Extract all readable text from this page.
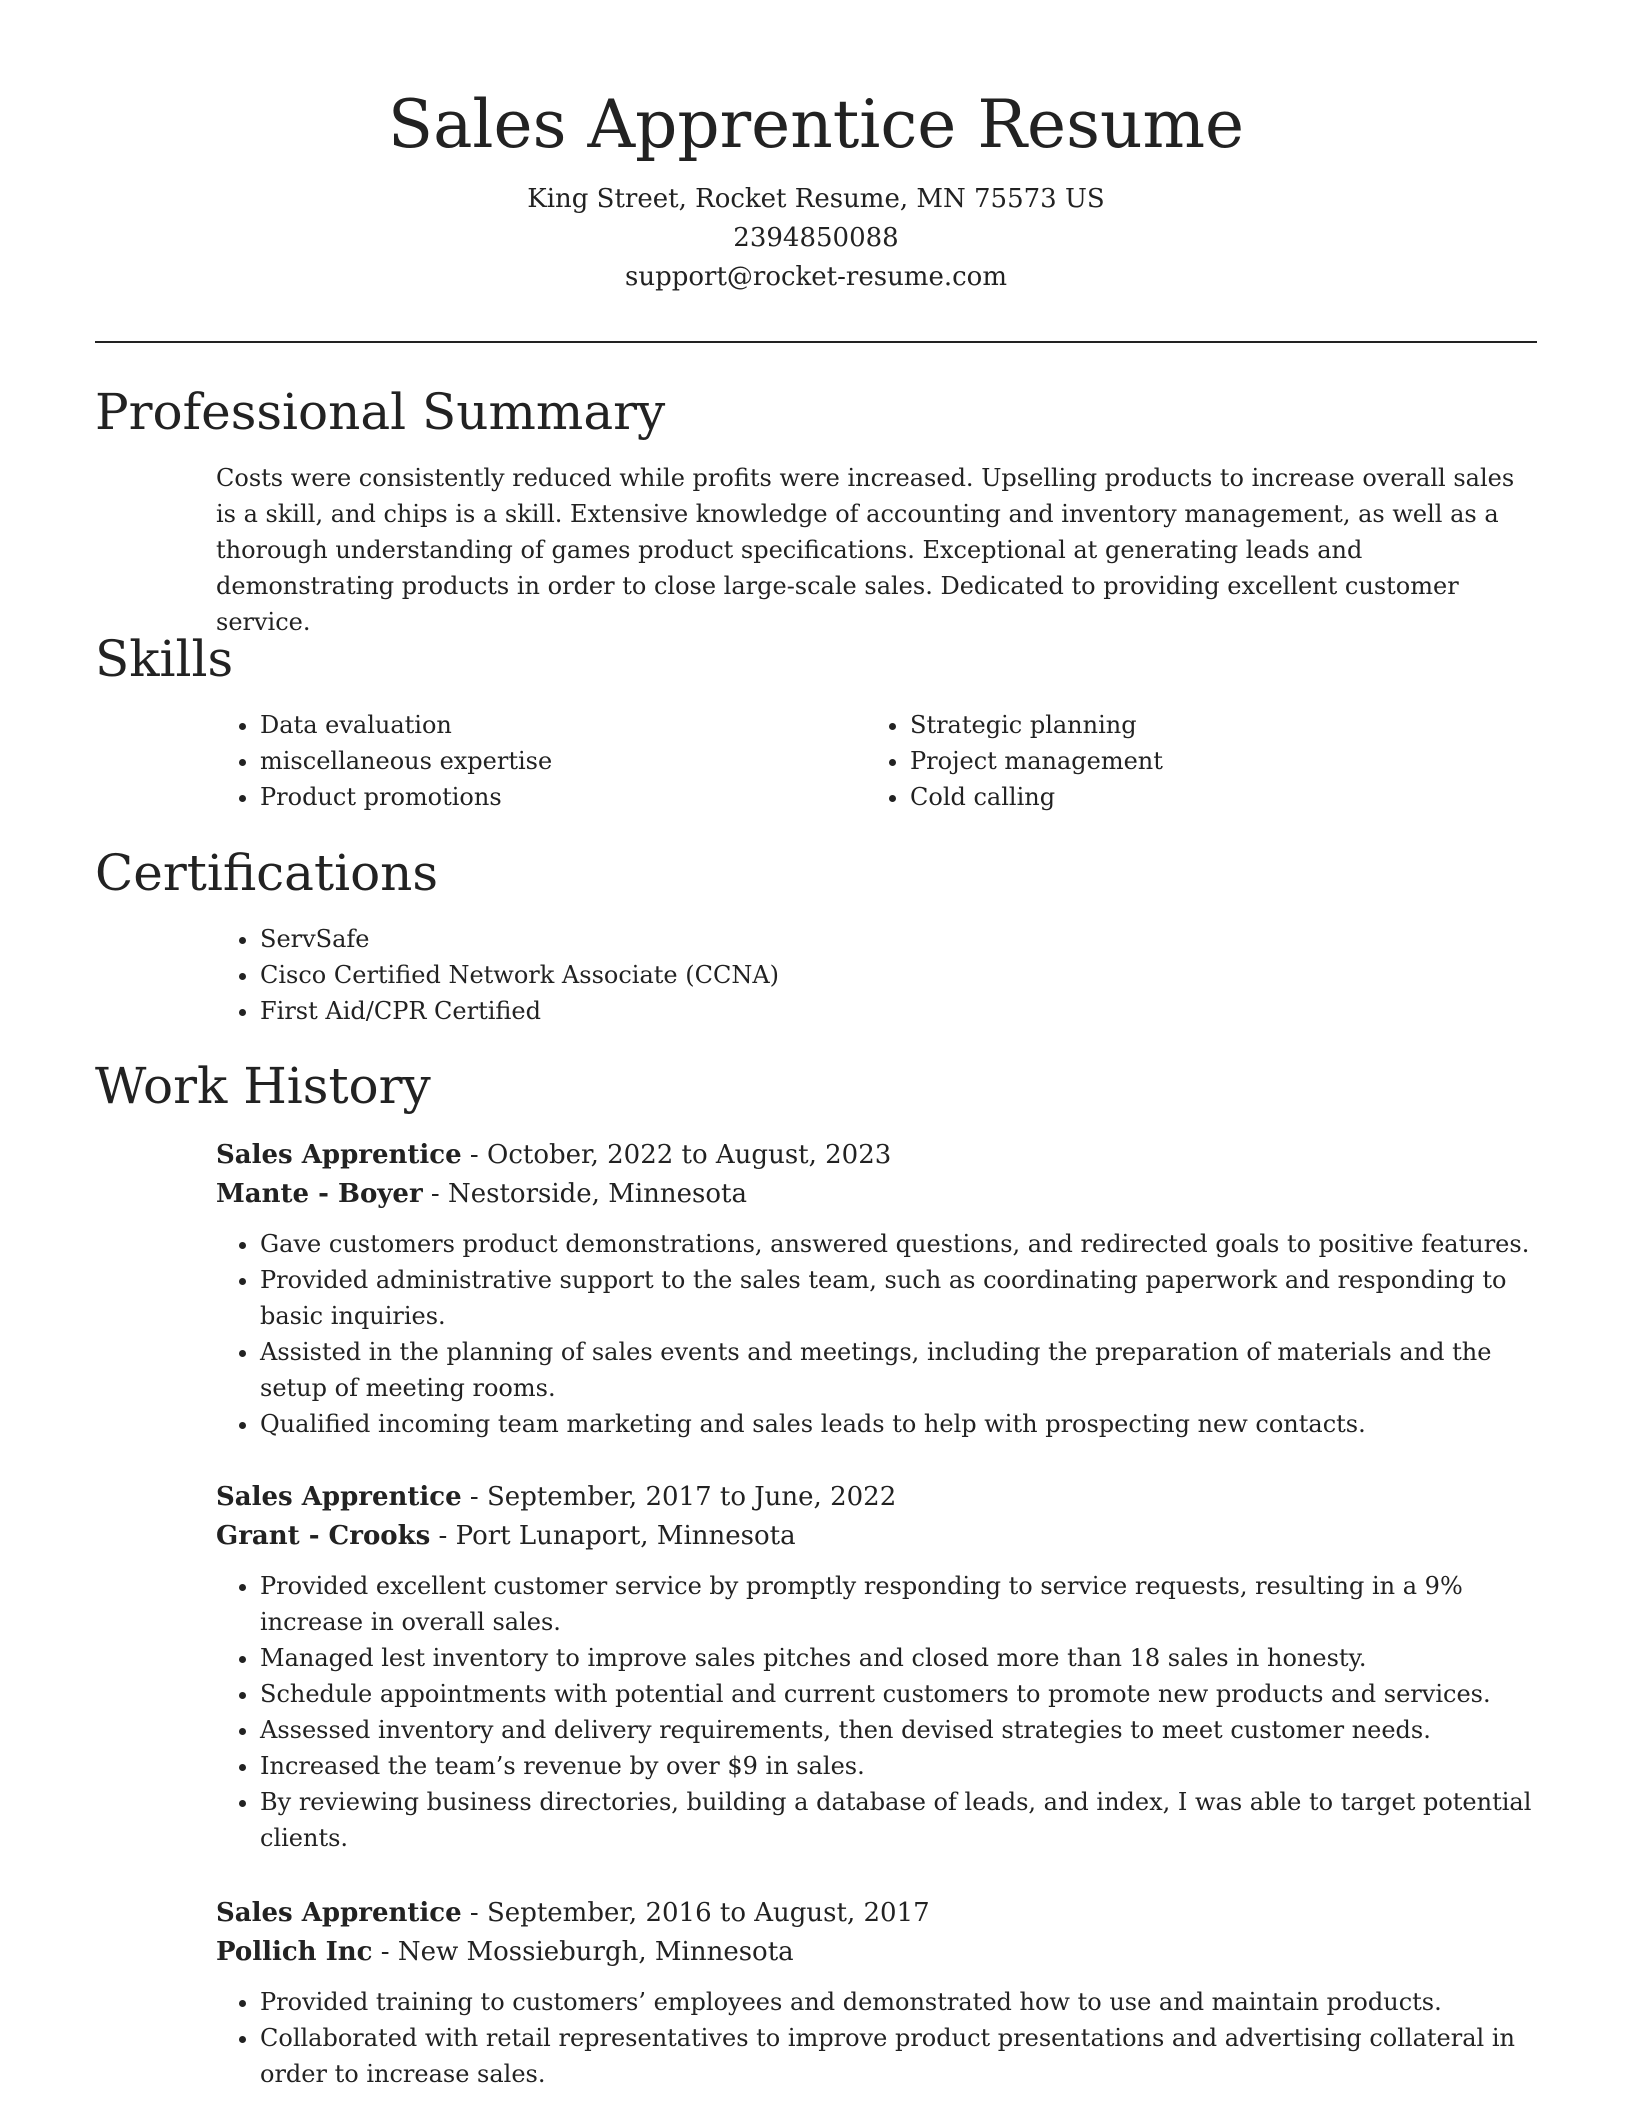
Sales Apprentice Resume
King Street, Rocket Resume, MN 75573 US
2394850088
support@rocket-resume.com
Professional Summary

Costs were consistently reduced while profits were increased. Upselling products to increase overall sales is a skill, and chips is a skill. Extensive knowledge of accounting and inventory management, as well as a thorough understanding of games product specifications. Exceptional at generating leads and demonstrating products in order to close large-scale sales. Dedicated to providing excellent customer service.

Skills
• Data evaluation
• miscellaneous expertise
• Product promotions
• Strategic planning
• Project management
• Cold calling
Certifications
• ServSafe
• Cisco Certified Network Associate (CCNA)
• First Aid/CPR Certified
Work History
Sales Apprentice - October, 2022 to August, 2023
Mante - Boyer - Nestorside, Minnesota
• Gave customers product demonstrations, answered questions, and redirected goals to positive features.
• Provided administrative support to the sales team, such as coordinating paperwork and responding to basic inquiries.
• Assisted in the planning of sales events and meetings, including the preparation of materials and the setup of meeting rooms.
• Qualified incoming team marketing and sales leads to help with prospecting new contacts.
Sales Apprentice - September, 2017 to June, 2022
Grant - Crooks - Port Lunaport, Minnesota
• Provided excellent customer service by promptly responding to service requests, resulting in a 9% increase in overall sales.
• Managed lest inventory to improve sales pitches and closed more than 18 sales in honesty.
• Schedule appointments with potential and current customers to promote new products and services.
• Assessed inventory and delivery requirements, then devised strategies to meet customer needs.
• Increased the team’s revenue by over $9 in sales.
• By reviewing business directories, building a database of leads, and index, I was able to target potential clients.
Sales Apprentice - September, 2016 to August, 2017
Pollich Inc - New Mossieburgh, Minnesota
• Provided training to customers’ employees and demonstrated how to use and maintain products.
• Collaborated with retail representatives to improve product presentations and advertising collateral in order to increase sales.
